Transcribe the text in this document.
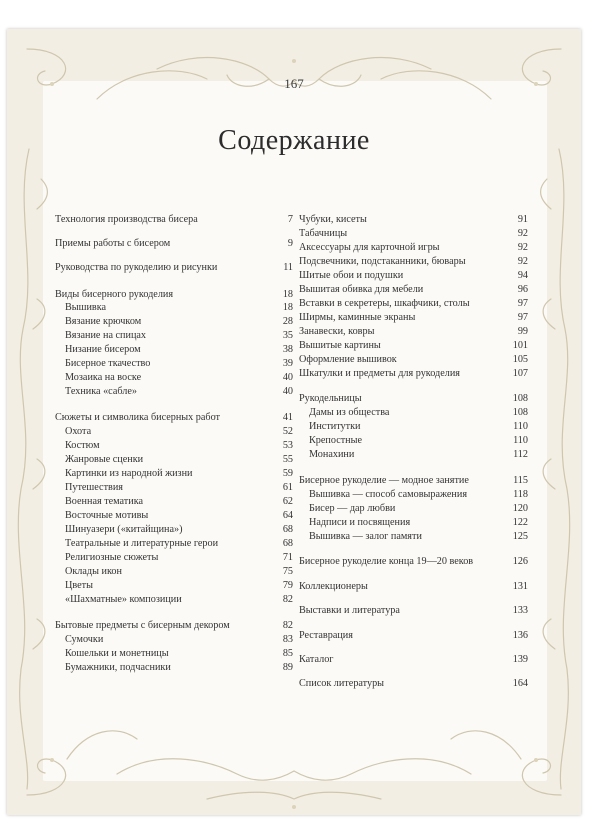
167
Содержание
Технология производства бисера	7
Приемы работы с бисером	9
Руководства по рукоделию и рисунки	11
Виды бисерного рукоделия	18
Вышивка	18
Вязание крючком	28
Вязание на спицах	35
Низание бисером	38
Бисерное ткачество	39
Мозаика на воске	40
Техника «сабле»	40
Сюжеты и символика бисерных работ	41
Охота	52
Костюм	53
Жанровые сценки	55
Картинки из народной жизни	59
Путешествия	61
Военная тематика	62
Восточные мотивы	64
Шинуазери («китайщина»)	68
Театральные и литературные герои	68
Религиозные сюжеты	71
Оклады икон	75
Цветы	79
«Шахматные» композиции	82
Бытовые предметы с бисерным декором	82
Сумочки	83
Кошельки и монетницы	85
Бумажники, подчасники	89
Чубуки, кисеты	91
Табачницы	92
Аксессуары для карточной игры	92
Подсвечники, подстаканники, бювары	92
Шитые обои и подушки	94
Вышитая обивка для мебели	96
Вставки в секретеры, шкафчики, столы	97
Ширмы, каминные экраны	97
Занавески, ковры	99
Вышитые картины	101
Оформление вышивок	105
Шкатулки и предметы для рукоделия	107
Рукодельницы	108
Дамы из общества	108
Институтки	110
Крепостные	110
Монахини	112
Бисерное рукоделие — модное занятие	115
Вышивка — способ самовыражения	118
Бисер — дар любви	120
Надписи и посвящения	122
Вышивка — залог памяти	125
Бисерное рукоделие конца 19—20 веков	126
Коллекционеры	131
Выставки и литература	133
Реставрация	136
Каталог	139
Список литературы	164
